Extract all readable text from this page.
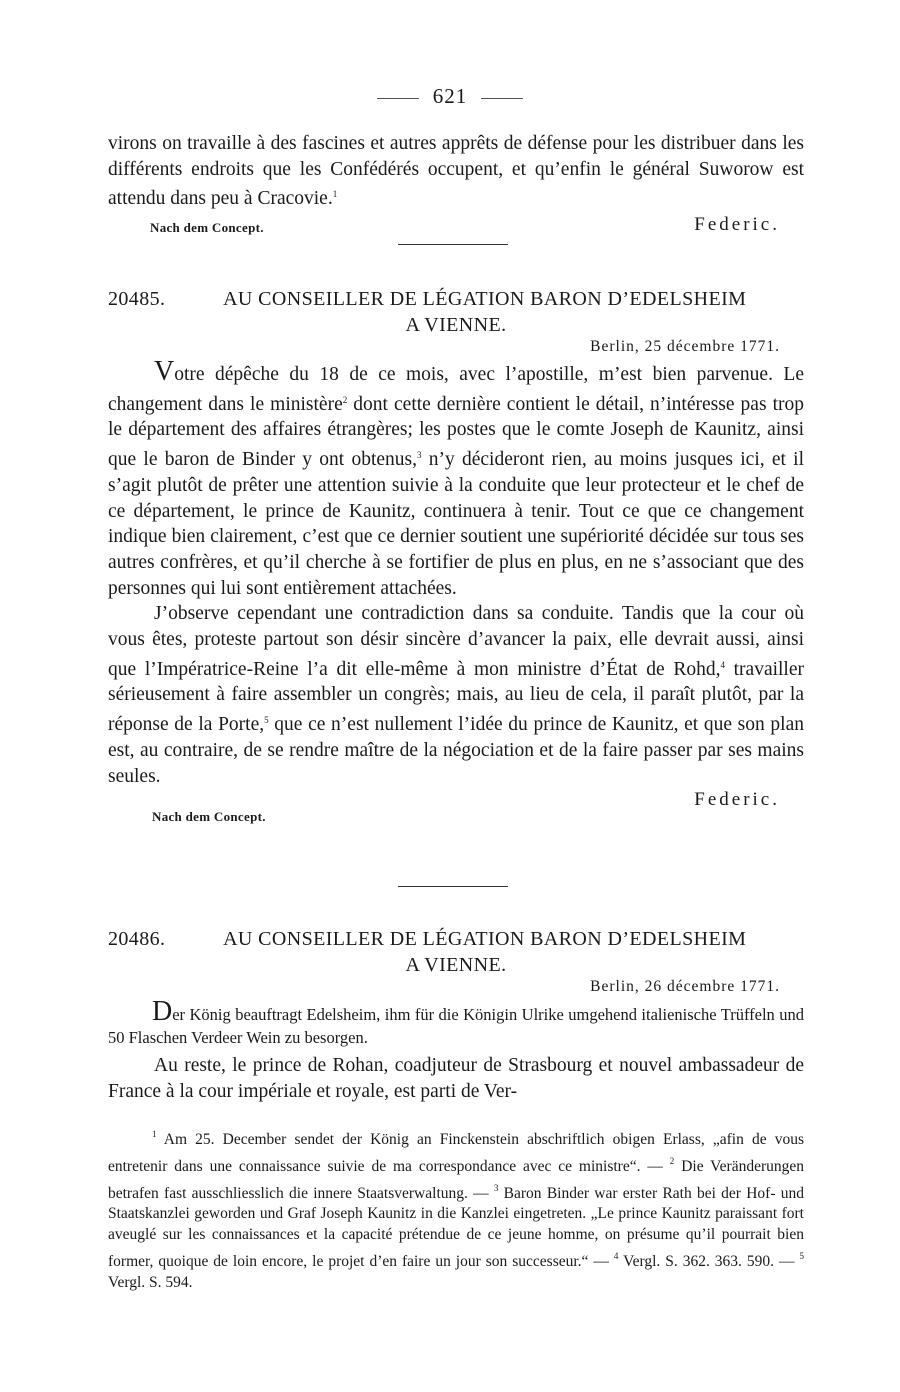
621

virons on travaille à des fascines et autres apprêts de défense pour les distribuer dans les différents endroits que les Confédérés occupent, et qu’enfin le général Suworow est attendu dans peu à Cracovie.$^1$

Nach dem Concept.	Federic.
20485.	AU CONSEILLER DE LÉGATION BARON D’EDELSHEIM
A VIENNE.
Berlin, 25 décembre 1771.

Votre dépêche du 18 de ce mois, avec l’apostille, m’est bien parvenue. Le changement dans le ministère$^2$ dont cette dernière contient le détail, n’intéresse pas trop le département des affaires étrangères; les postes que le comte Joseph de Kaunitz, ainsi que le baron de Binder y ont obtenus,$^3$ n’y décideront rien, au moins jusques ici, et il s’agit plutôt de prêter une attention suivie à la conduite que leur protecteur et le chef de ce département, le prince de Kaunitz, continuera à tenir. Tout ce que ce changement indique bien clairement, c’est que ce dernier soutient une supériorité décidée sur tous ses autres confrères, et qu’il cherche à se fortifier de plus en plus, en ne s’associant que des personnes qui lui sont entièrement attachées.

J’observe cependant une contradiction dans sa conduite. Tandis que la cour où vous êtes, proteste partout son désir sincère d’avancer la paix, elle devrait aussi, ainsi que l’Impératrice-Reine l’a dit elle-même à mon ministre d’État de Rohd,$^4$ travailler sérieusement à faire assembler un congrès; mais, au lieu de cela, il paraît plutôt, par la réponse de la Porte,$^5$ que ce n’est nullement l’idée du prince de Kaunitz, et que son plan est, au contraire, de se rendre maître de la négociation et de la faire passer par ses mains seules.

Federic.
Nach dem Concept.
20486.	AU CONSEILLER DE LÉGATION BARON D’EDELSHEIM
A VIENNE.
Berlin, 26 décembre 1771.
Der König beauftragt Edelsheim, ihm für die Königin Ulrike umgehend italienische Trüffeln und 50 Flaschen Verdeer Wein zu besorgen.

Au reste, le prince de Rohan, coadjuteur de Strasbourg et nouvel ambassadeur de France à la cour impériale et royale, est parti de Ver-

$^1$ Am 25. December sendet der König an Finckenstein abschriftlich obigen Erlass, „afin de vous entretenir dans une connaissance suivie de ma correspondance avec ce ministre“. — $^2$ Die Veränderungen betrafen fast ausschliesslich die innere Staatsverwaltung. — $^3$ Baron Binder war erster Rath bei der Hof- und Staatskanzlei geworden und Graf Joseph Kaunitz in die Kanzlei eingetreten. „Le prince Kaunitz paraissant fort aveuglé sur les connaissances et la capacité prétendue de ce jeune homme, on présume qu’il pourrait bien former, quoique de loin encore, le projet d’en faire un jour son successeur.“ — $^4$ Vergl. S. 362. 363. 590. — $^5$ Vergl. S. 594.
